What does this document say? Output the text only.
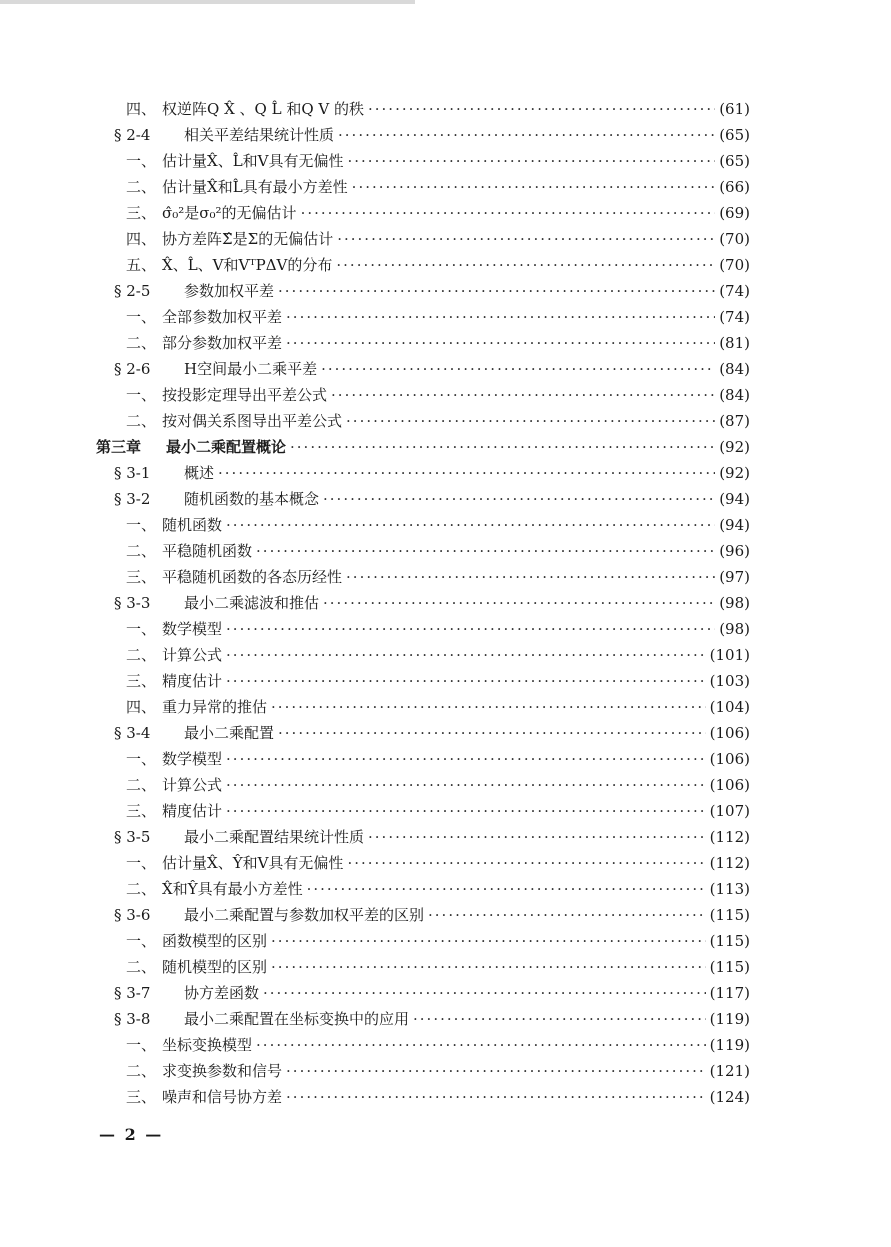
四、 权逆阵Q X̂ 、Q L̂ 和Q V 的秩 ·····	(61)
§ 2-4	相关平差结果统计性质 ·····	(65)
一、 估计量X̂、L̂和V具有无偏性 ·····	(65)
二、 估计量X̂和L̂具有最小方差性 ·····	(66)
三、 σ̂₀²是σ₀²的无偏估计 ·····	(69)
四、 协方差阵Σ̂是Σ的无偏估计 ·····	(70)
五、 X̂、L̂、V和VᵀPΔV的分布 ·····	(70)
§ 2-5	参数加权平差 ·····	(74)
一、 全部参数加权平差 ·····	(74)
二、 部分参数加权平差 ·····	(81)
§ 2-6	H空间最小二乘平差 ·····	(84)
一、 按投影定理导出平差公式 ·····	(84)
二、 按对偶关系图导出平差公式 ·····	(87)
第三章	最小二乘配置概论 ·····	(92)
§ 3-1	概述 ·····	(92)
§ 3-2	随机函数的基本概念 ·····	(94)
一、 随机函数 ·····	(94)
二、 平稳随机函数 ·····	(96)
三、 平稳随机函数的各态历经性 ·····	(97)
§ 3-3	最小二乘滤波和推估 ·····	(98)
一、 数学模型 ·····	(98)
二、 计算公式 ·····	(101)
三、 精度估计 ·····	(103)
四、 重力异常的推估 ·····	(104)
§ 3-4	最小二乘配置 ·····	(106)
一、 数学模型 ·····	(106)
二、 计算公式 ·····	(106)
三、 精度估计 ·····	(107)
§ 3-5	最小二乘配置结果统计性质 ·····	(112)
一、 估计量X̂、Ŷ和V具有无偏性 ·····	(112)
二、 X̂和Ŷ具有最小方差性 ·····	(113)
§ 3-6	最小二乘配置与参数加权平差的区别 ·····	(115)
一、 函数模型的区别 ·····	(115)
二、 随机模型的区别 ·····	(115)
§ 3-7	协方差函数 ·····	(117)
§ 3-8	最小二乘配置在坐标变换中的应用 ·····	(119)
一、 坐标变换模型 ·····	(119)
二、 求变换参数和信号 ·····	(121)
三、 噪声和信号协方差 ·····	(124)
— 2 —
